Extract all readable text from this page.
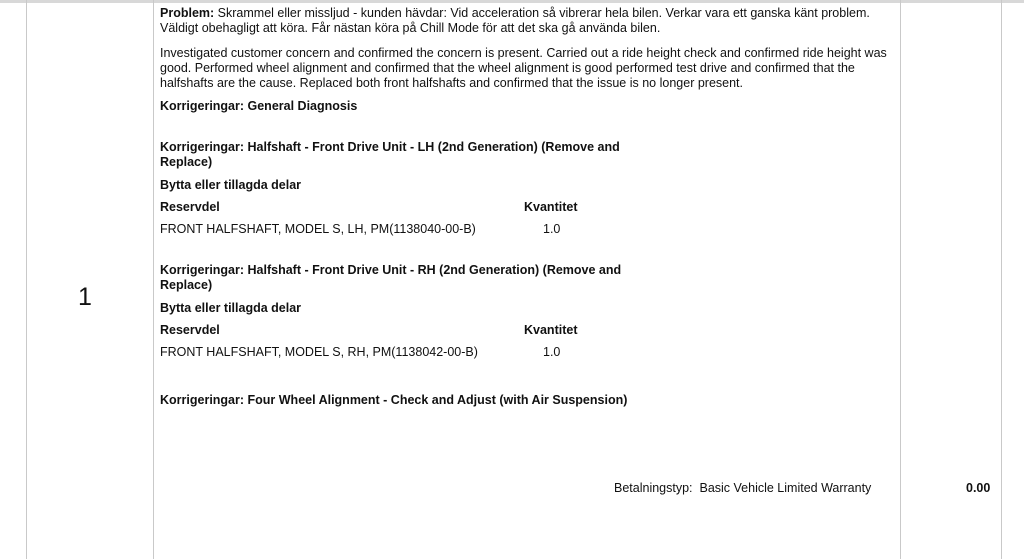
1

Problem: Skrammel eller missljud - kunden hävdar: Vid acceleration så vibrerar hela bilen. Verkar vara ett ganska känt problem. Väldigt obehagligt att köra. Får nästan köra på Chill Mode för att det ska gå använda bilen.

Investigated customer concern and confirmed the concern is present. Carried out a ride height check and confirmed ride height was good. Performed wheel alignment and confirmed that the wheel alignment is good performed test drive and confirmed that the halfshafts are the cause. Replaced both front halfshafts and confirmed that the issue is no longer present.

Korrigeringar: General Diagnosis

Korrigeringar: Halfshaft - Front Drive Unit - LH (2nd Generation) (Remove and Replace)

Bytta eller tillagda delar

Reservdel	Kvantitet
FRONT HALFSHAFT, MODEL S, LH, PM(1138040-00-B)	1.0

Korrigeringar: Halfshaft - Front Drive Unit - RH (2nd Generation) (Remove and Replace)

Bytta eller tillagda delar

Reservdel	Kvantitet
FRONT HALFSHAFT, MODEL S, RH, PM(1138042-00-B)	1.0

Korrigeringar: Four Wheel Alignment - Check and Adjust (with Air Suspension)

Betalningstyp: Basic Vehicle Limited Warranty	0.00
